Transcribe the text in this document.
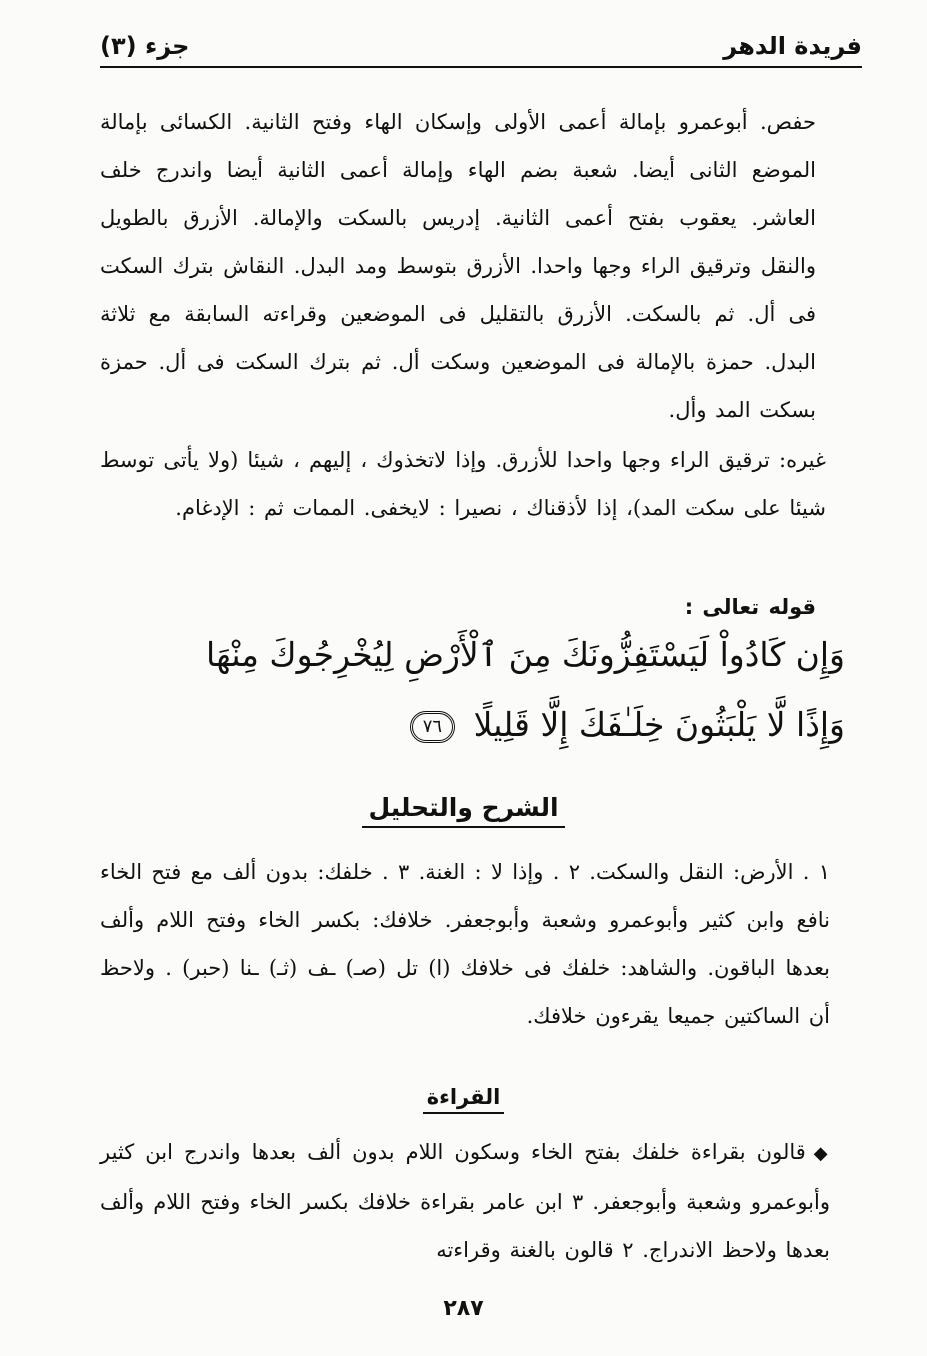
فريدة الدهر
جزء (٣)
حفص. أبوعمرو بإمالة أعمى الأولى وإسكان الهاء وفتح الثانية. الكسائى بإمالة الموضع الثانى أيضا. شعبة بضم الهاء وإمالة أعمى الثانية أيضا واندرج خلف العاشر. يعقوب بفتح أعمى الثانية. إدريس بالسكت والإمالة. الأزرق بالطويل والنقل وترقيق الراء وجها واحدا. الأزرق بتوسط ومد البدل. النقاش بترك السكت فى أل. ثم بالسكت. الأزرق بالتقليل فى الموضعين وقراءته السابقة مع ثلاثة البدل. حمزة بالإمالة فى الموضعين وسكت أل. ثم بترك السكت فى أل. حمزة بسكت المد وأل.
غيره: ترقيق الراء وجها واحدا للأزرق. وإذا لاتخذوك ، إليهم ، شيئا (ولا يأتى توسط شيئا على سكت المد)، إذا لأذقناك ، نصيرا : لايخفى. الممات ثم : الإدغام.
قوله تعالى :
وَإِن كَادُواْ لَيَسْتَفِزُّونَكَ مِنَ ٱلْأَرْضِ لِيُخْرِجُوكَ مِنْهَا
وَإِذًا لَّا يَلْبَثُونَ خِلَـٰفَكَ إِلَّا قَلِيلًا ٧٦
الشرح والتحليل
١ . الأرض: النقل والسكت. ٢ . وإذا لا : الغنة. ٣ . خلفك: بدون ألف مع فتح الخاء نافع وابن كثير وأبوعمرو وشعبة وأبوجعفر. خلافك: بكسر الخاء وفتح اللام وألف بعدها الباقون. والشاهد: خلفك فى خلافك (ا) تل (صـ) ـف (ثـ) ـنا (حبر) . ولاحظ أن الساكتين جميعا يقرءون خلافك.
القراءة
◆قالون بقراءة خلفك بفتح الخاء وسكون اللام بدون ألف بعدها واندرج ابن كثير وأبوعمرو وشعبة وأبوجعفر. ٣ ابن عامر بقراءة خلافك بكسر الخاء وفتح اللام وألف بعدها ولاحظ الاندراج. ٢ قالون بالغنة وقراءته
٢٨٧
